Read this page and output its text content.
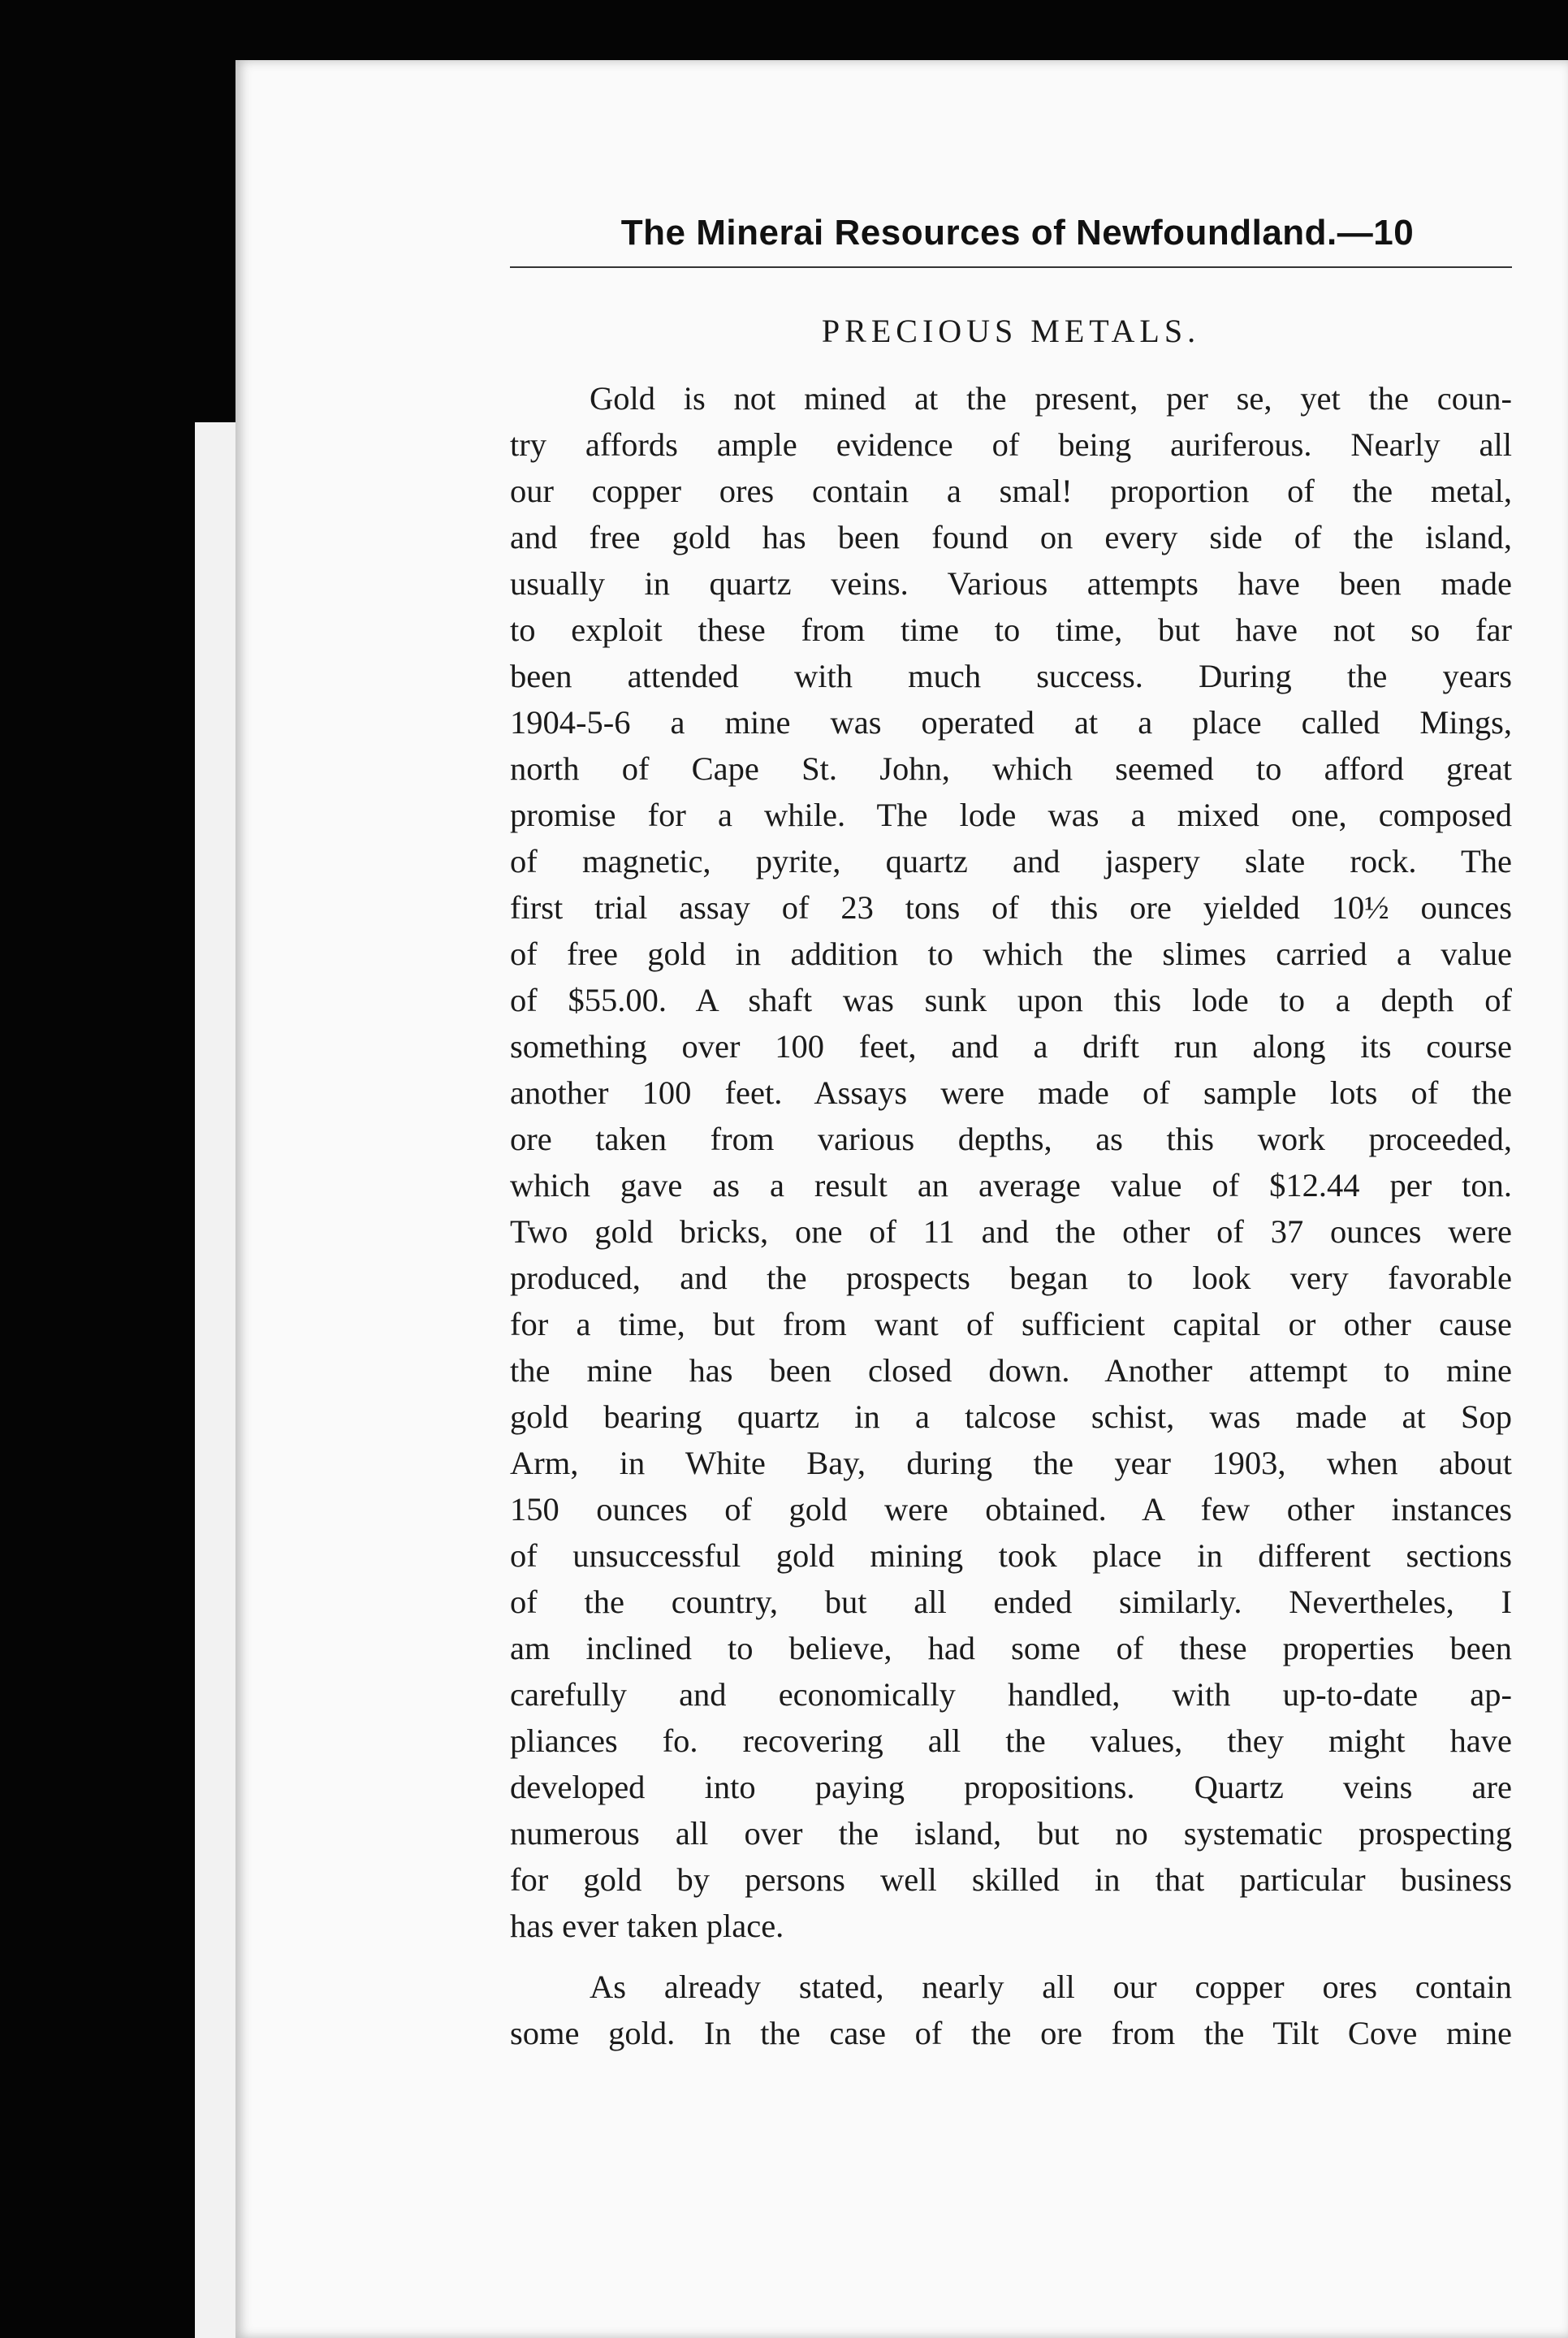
The Minerai Resources of Newfoundland.—10
PRECIOUS METALS.
Gold is not mined at the present, per se, yet the coun-
try affords ample evidence of being auriferous. Nearly all
our copper ores contain a smal! proportion of the metal,
and free gold has been found on every side of the island,
usually in quartz veins. Various attempts have been made
to exploit these from time to time, but have not so far
been attended with much success. During the years
1904-5-6 a mine was operated at a place called Mings,
north of Cape St. John, which seemed to afford great
promise for a while. The lode was a mixed one, composed
of magnetic, pyrite, quartz and jaspery slate rock. The
first trial assay of 23 tons of this ore yielded 10½ ounces
of free gold in addition to which the slimes carried a value
of $55.00. A shaft was sunk upon this lode to a depth of
something over 100 feet, and a drift run along its course
another 100 feet. Assays were made of sample lots of the
ore taken from various depths, as this work proceeded,
which gave as a result an average value of $12.44 per ton.
Two gold bricks, one of 11 and the other of 37 ounces were
produced, and the prospects began to look very favorable
for a time, but from want of sufficient capital or other cause
the mine has been closed down. Another attempt to mine
gold bearing quartz in a talcose schist, was made at Sop
Arm, in White Bay, during the year 1903, when about
150 ounces of gold were obtained. A few other instances
of unsuccessful gold mining took place in different sections
of the country, but all ended similarly. Nevertheles, I
am inclined to believe, had some of these properties been
carefully and economically handled, with up-to-date ap-
pliances fo. recovering all the values, they might have
developed into paying propositions. Quartz veins are
numerous all over the island, but no systematic prospecting
for gold by persons well skilled in that particular business
has ever taken place.
As already stated, nearly all our copper ores contain
some gold. In the case of the ore from the Tilt Cove mine
